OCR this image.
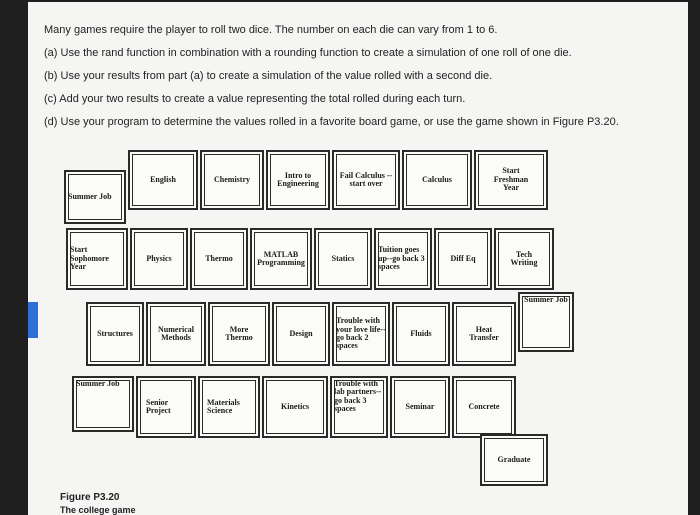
Many games require the player to roll two dice. The number on each die can vary from 1 to 6.
(a) Use the rand function in combination with a rounding function to create a simulation of one roll of one die.
(b) Use your results from part (a) to create a simulation of the value rolled with a second die.
(c) Add your two results to create a value representing the total rolled during each turn.
(d) Use your program to determine the values rolled in a favorite board game, or use the game shown in Figure P3.20.
English	Chemistry	Intro to Engineering
Fail Calculus --start over	Calculus
Start Freshman Year
Summer Job
Start Sophomore Year
Physics	Thermo	MATLAB Programming	Statics
Tuition goes up--go back 3 spaces
Diff Eq	Tech Writing
Summer Job
Structures	Numerical Methods
More Thermo	Design
Trouble with your love life--go back 2 spaces
Fluids	Heat Transfer
Summer Job
Senior Project
Materials Science	Kinetics
Trouble with lab partners--go back 3 spaces	Seminar	Concrete
Graduate
Figure P3.20
The college game
